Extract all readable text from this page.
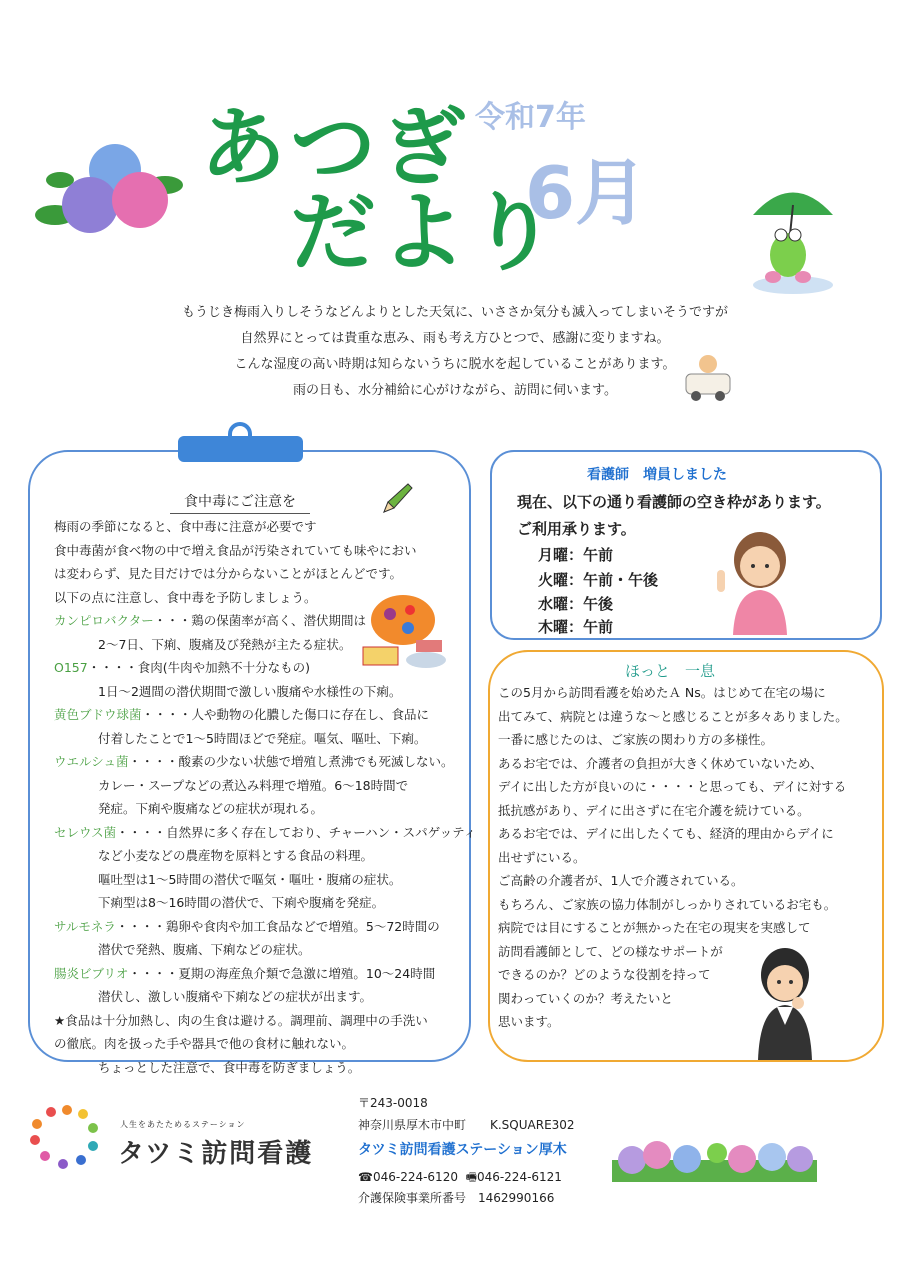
あつぎ
だより
令和7年
6月
もうじき梅雨入りしそうなどんよりとした天気に、いささか気分も滅入ってしまいそうですが
自然界にとっては貴重な恵み、雨も考え方ひとつで、感謝に変りますね。
こんな湿度の高い時期は知らないうちに脱水を起していることがあります。
雨の日も、水分補給に心がけながら、訪問に伺います。
食中毒にご注意を
梅雨の季節になると、食中毒に注意が必要です
食中毒菌が食べ物の中で増え食品が汚染されていても味やにおい
は変わらず、見た目だけでは分からないことがほとんどです。
以下の点に注意し、食中毒を予防しましょう。
カンピロバクター・・・鶏の保菌率が高く、潜伏期間は
2～7日、下痢、腹痛及び発熱が主たる症状。
O157・・・・食肉(牛肉や加熱不十分なもの)
1日～2週間の潜伏期間で激しい腹痛や水様性の下痢。
黄色ブドウ球菌・・・・人や動物の化膿した傷口に存在し、食品に
付着したことで1～5時間ほどで発症。嘔気、嘔吐、下痢。
ウエルシュ菌・・・・酸素の少ない状態で増殖し煮沸でも死滅しない。
カレー・スープなどの煮込み料理で増殖。6～18時間で
発症。下痢や腹痛などの症状が現れる。
セレウス菌・・・・自然界に多く存在しており、チャーハン・スパゲッティ
など小麦などの農産物を原料とする食品の料理。
嘔吐型は1～5時間の潜伏で嘔気・嘔吐・腹痛の症状。
下痢型は8～16時間の潜伏で、下痢や腹痛を発症。
サルモネラ・・・・鶏卵や食肉や加工食品などで増殖。5～72時間の
潜伏で発熱、腹痛、下痢などの症状。
腸炎ビブリオ・・・・夏期の海産魚介類で急激に増殖。10～24時間
潜伏し、激しい腹痛や下痢などの症状が出ます。
★食品は十分加熱し、肉の生食は避ける。調理前、調理中の手洗い
の徹底。肉を扱った手や器具で他の食材に触れない。
ちょっとした注意で、食中毒を防ぎましょう。
看護師　増員しました
現在、以下の通り看護師の空き枠があります。
ご利用承ります。
月曜：午前
火曜：午前・午後
水曜：午後
木曜：午前
ほっと　一息
この5月から訪問看護を始めたＡ Ns。はじめて在宅の場に
出てみて、病院とは違うな～と感じることが多々ありました。
一番に感じたのは、ご家族の関わり方の多様性。
あるお宅では、介護者の負担が大きく休めていないため、
デイに出した方が良いのに・・・・と思っても、デイに対する
抵抗感があり、デイに出さずに在宅介護を続けている。
あるお宅では、デイに出したくても、経済的理由からデイに
出せずにいる。
ご高齢の介護者が、1人で介護されている。
もちろん、ご家族の協力体制がしっかりされているお宅も。
病院では目にすることが無かった在宅の現実を実感して
訪問看護師として、どの様なサポートが
できるのか？どのような役割を持って
関わっていくのか？考えたいと
思います。
人生をあたためるステーション
タツミ訪問看護
〒243-0018
神奈川県厚木市中町　　K.SQUARE302
タツミ訪問看護ステーション厚木
☎046-224-6120 🖷046-224-6121
介護保険事業所番号　1462990166
